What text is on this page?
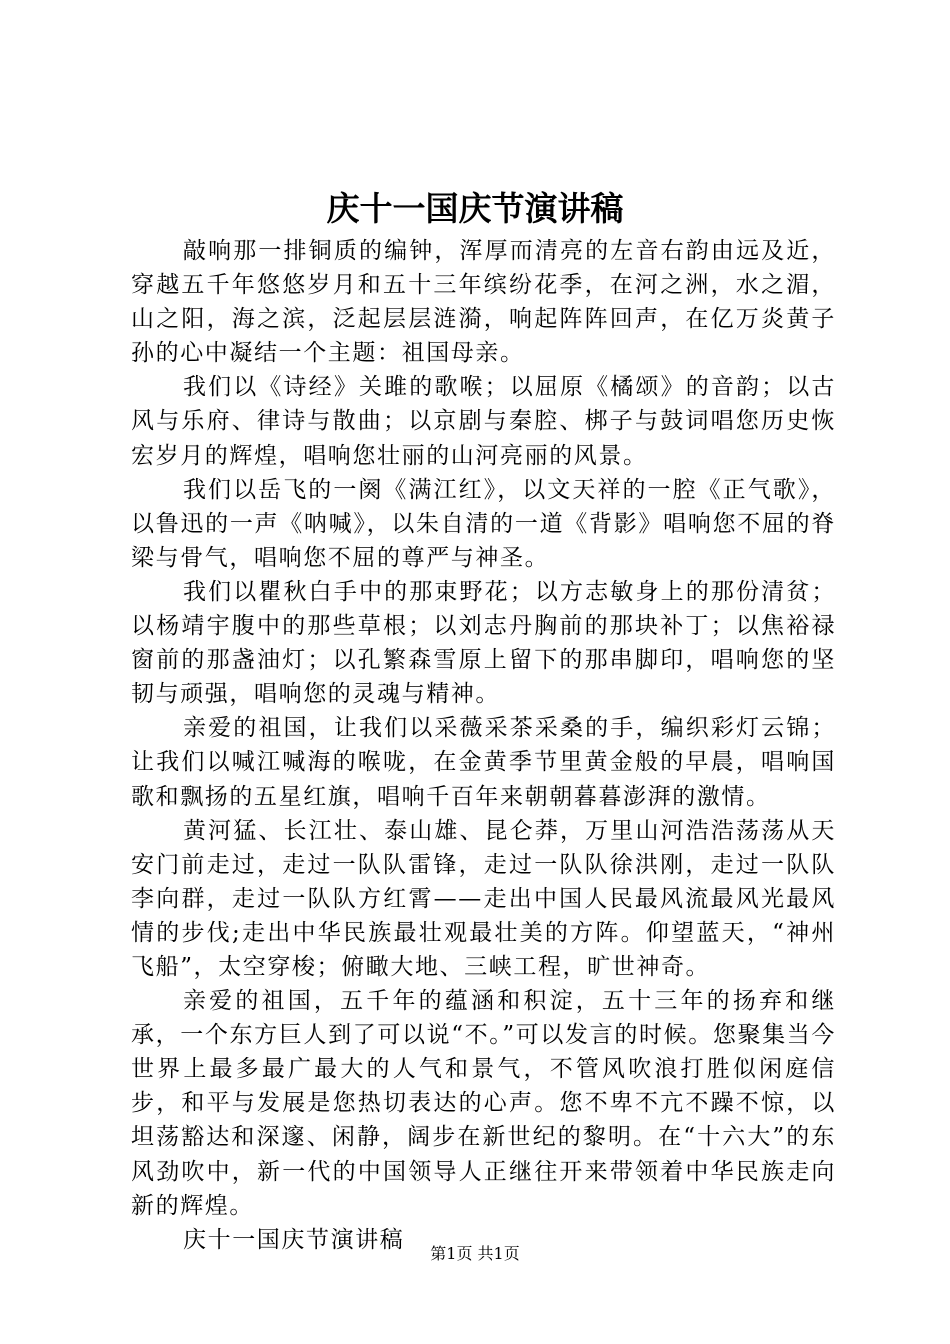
庆十一国庆节演讲稿

敲响那一排铜质的编钟，浑厚而清亮的左音右韵由远及近，穿越五千年悠悠岁月和五十三年缤纷花季，在河之洲，水之湄，山之阳，海之滨，泛起层层涟漪，响起阵阵回声，在亿万炎黄子孙的心中凝结一个主题：祖国母亲。

我们以《诗经》关雎的歌喉；以屈原《橘颂》的音韵；以古风与乐府、律诗与散曲；以京剧与秦腔、梆子与鼓词唱您历史恢宏岁月的辉煌，唱响您壮丽的山河亮丽的风景。

我们以岳飞的一阕《满江红》，以文天祥的一腔《正气歌》，以鲁迅的一声《呐喊》，以朱自清的一道《背影》唱响您不屈的脊梁与骨气，唱响您不屈的尊严与神圣。

我们以瞿秋白手中的那束野花；以方志敏身上的那份清贫；以杨靖宇腹中的那些草根；以刘志丹胸前的那块补丁；以焦裕禄窗前的那盏油灯；以孔繁森雪原上留下的那串脚印，唱响您的坚韧与顽强，唱响您的灵魂与精神。

亲爱的祖国，让我们以采薇采茶采桑的手，编织彩灯云锦；让我们以喊江喊海的喉咙，在金黄季节里黄金般的早晨，唱响国歌和飘扬的五星红旗，唱响千百年来朝朝暮暮澎湃的激情。

黄河猛、长江壮、泰山雄、昆仑莽，万里山河浩浩荡荡从天安门前走过，走过一队队雷锋，走过一队队徐洪刚，走过一队队李向群，走过一队队方红霄——走出中国人民最风流最风光最风情的步伐;走出中华民族最壮观最壮美的方阵。仰望蓝天，“神州飞船”，太空穿梭；俯瞰大地、三峡工程，旷世神奇。

亲爱的祖国，五千年的蕴涵和积淀，五十三年的扬弃和继承，一个东方巨人到了可以说“不。”可以发言的时候。您聚集当今世界上最多最广最大的人气和景气，不管风吹浪打胜似闲庭信步，和平与发展是您热切表达的心声。您不卑不亢不躁不惊，以坦荡豁达和深邃、闲静，阔步在新世纪的黎明。在“十六大”的东风劲吹中，新一代的中国领导人正继往开来带领着中华民族走向新的辉煌。

庆十一国庆节演讲稿

第1页 共1页
